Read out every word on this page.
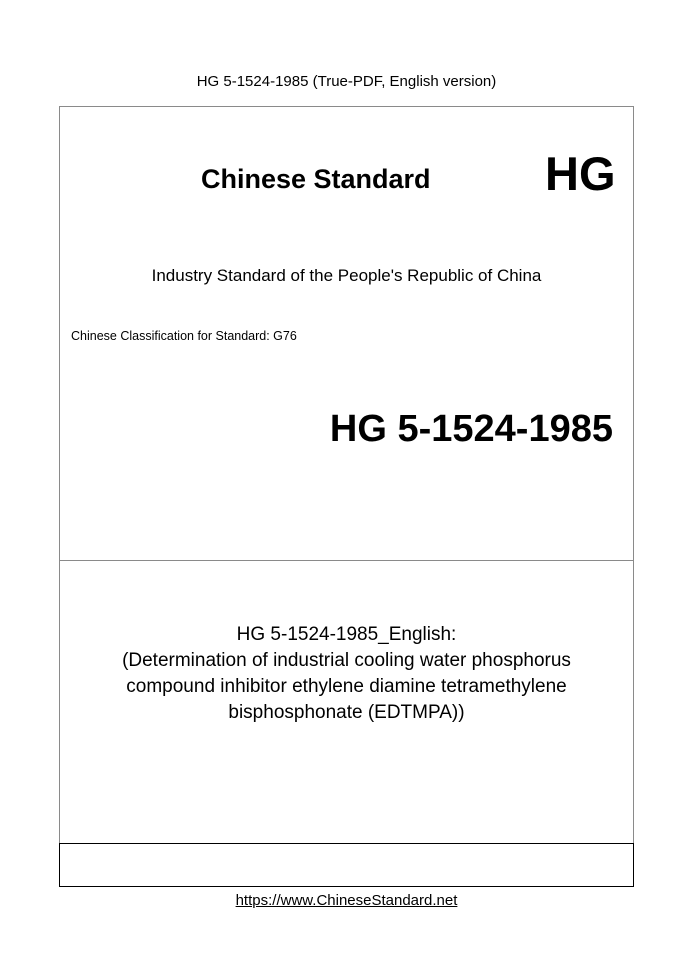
HG 5-1524-1985 (True-PDF, English version)
Chinese Standard HG
Industry Standard of the People's Republic of China
Chinese Classification for Standard: G76
HG 5-1524-1985
HG 5-1524-1985_English:
(Determination of industrial cooling water phosphorus
compound inhibitor ethylene diamine tetramethylene
bisphosphonate (EDTMPA))
https://www.ChineseStandard.net
